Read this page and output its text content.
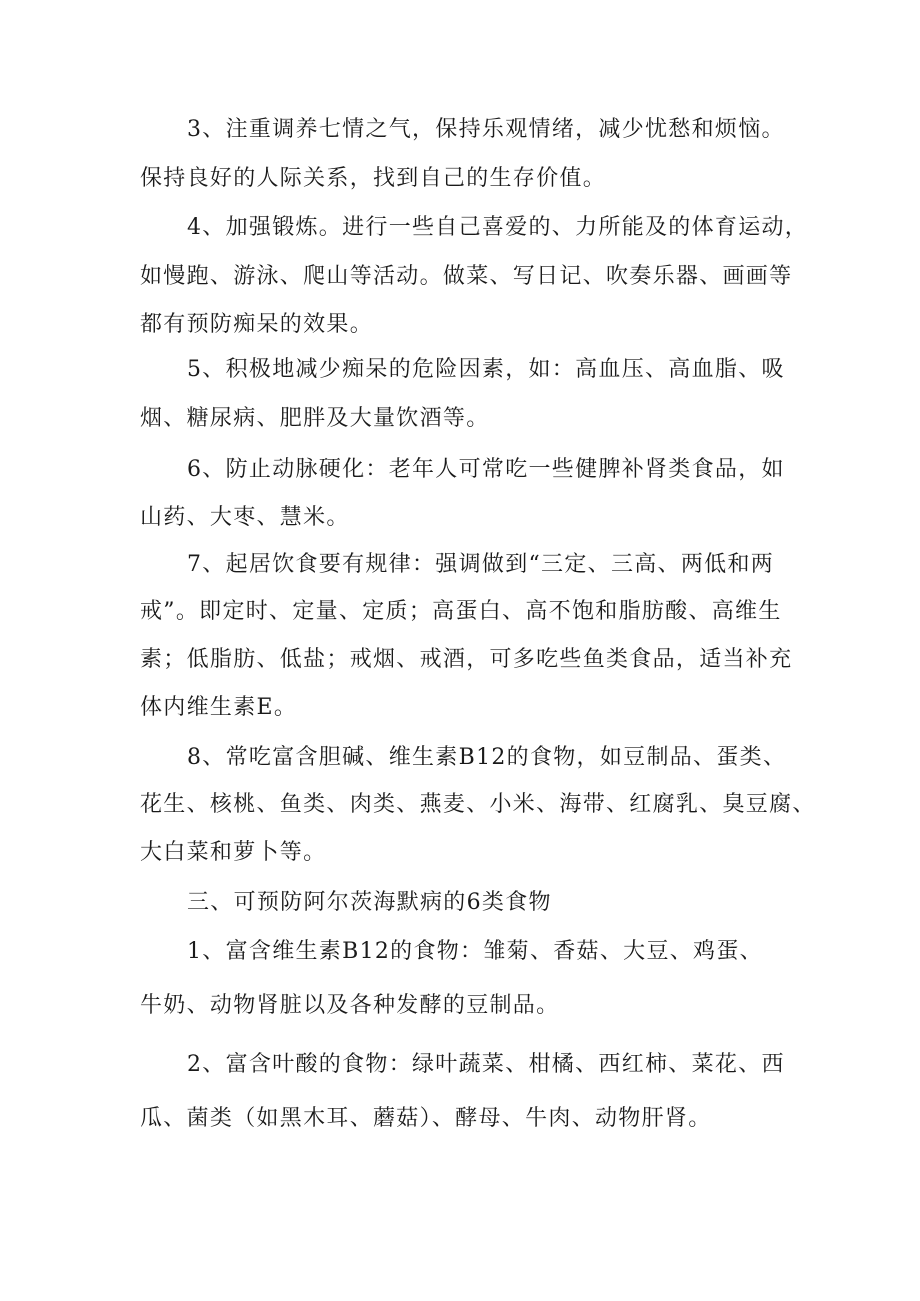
3、注重调养七情之气，保持乐观情绪，减少忧愁和烦恼。
保持良好的人际关系，找到自己的生存价值。
4、加强锻炼。进行一些自己喜爱的、力所能及的体育运动，
如慢跑、游泳、爬山等活动。做菜、写日记、吹奏乐器、画画等
都有预防痴呆的效果。
5、积极地减少痴呆的危险因素，如：高血压、高血脂、吸
烟、糖尿病、肥胖及大量饮酒等。
6、防止动脉硬化：老年人可常吃一些健脾补肾类食品，如
山药、大枣、慧米。
7、起居饮食要有规律：强调做到“三定、三高、两低和两
戒”。即定时、定量、定质；高蛋白、高不饱和脂肪酸、高维生
素；低脂肪、低盐；戒烟、戒酒，可多吃些鱼类食品，适当补充
体内维生素E。
8、常吃富含胆碱、维生素B12的食物，如豆制品、蛋类、
花生、核桃、鱼类、肉类、燕麦、小米、海带、红腐乳、臭豆腐、
大白菜和萝卜等。
三、可预防阿尔茨海默病的6类食物
1、富含维生素B12的食物：雏菊、香菇、大豆、鸡蛋、
牛奶、动物肾脏以及各种发酵的豆制品。
2、富含叶酸的食物：绿叶蔬菜、柑橘、西红柿、菜花、西
瓜、菌类（如黑木耳、蘑菇）、酵母、牛肉、动物肝肾。
